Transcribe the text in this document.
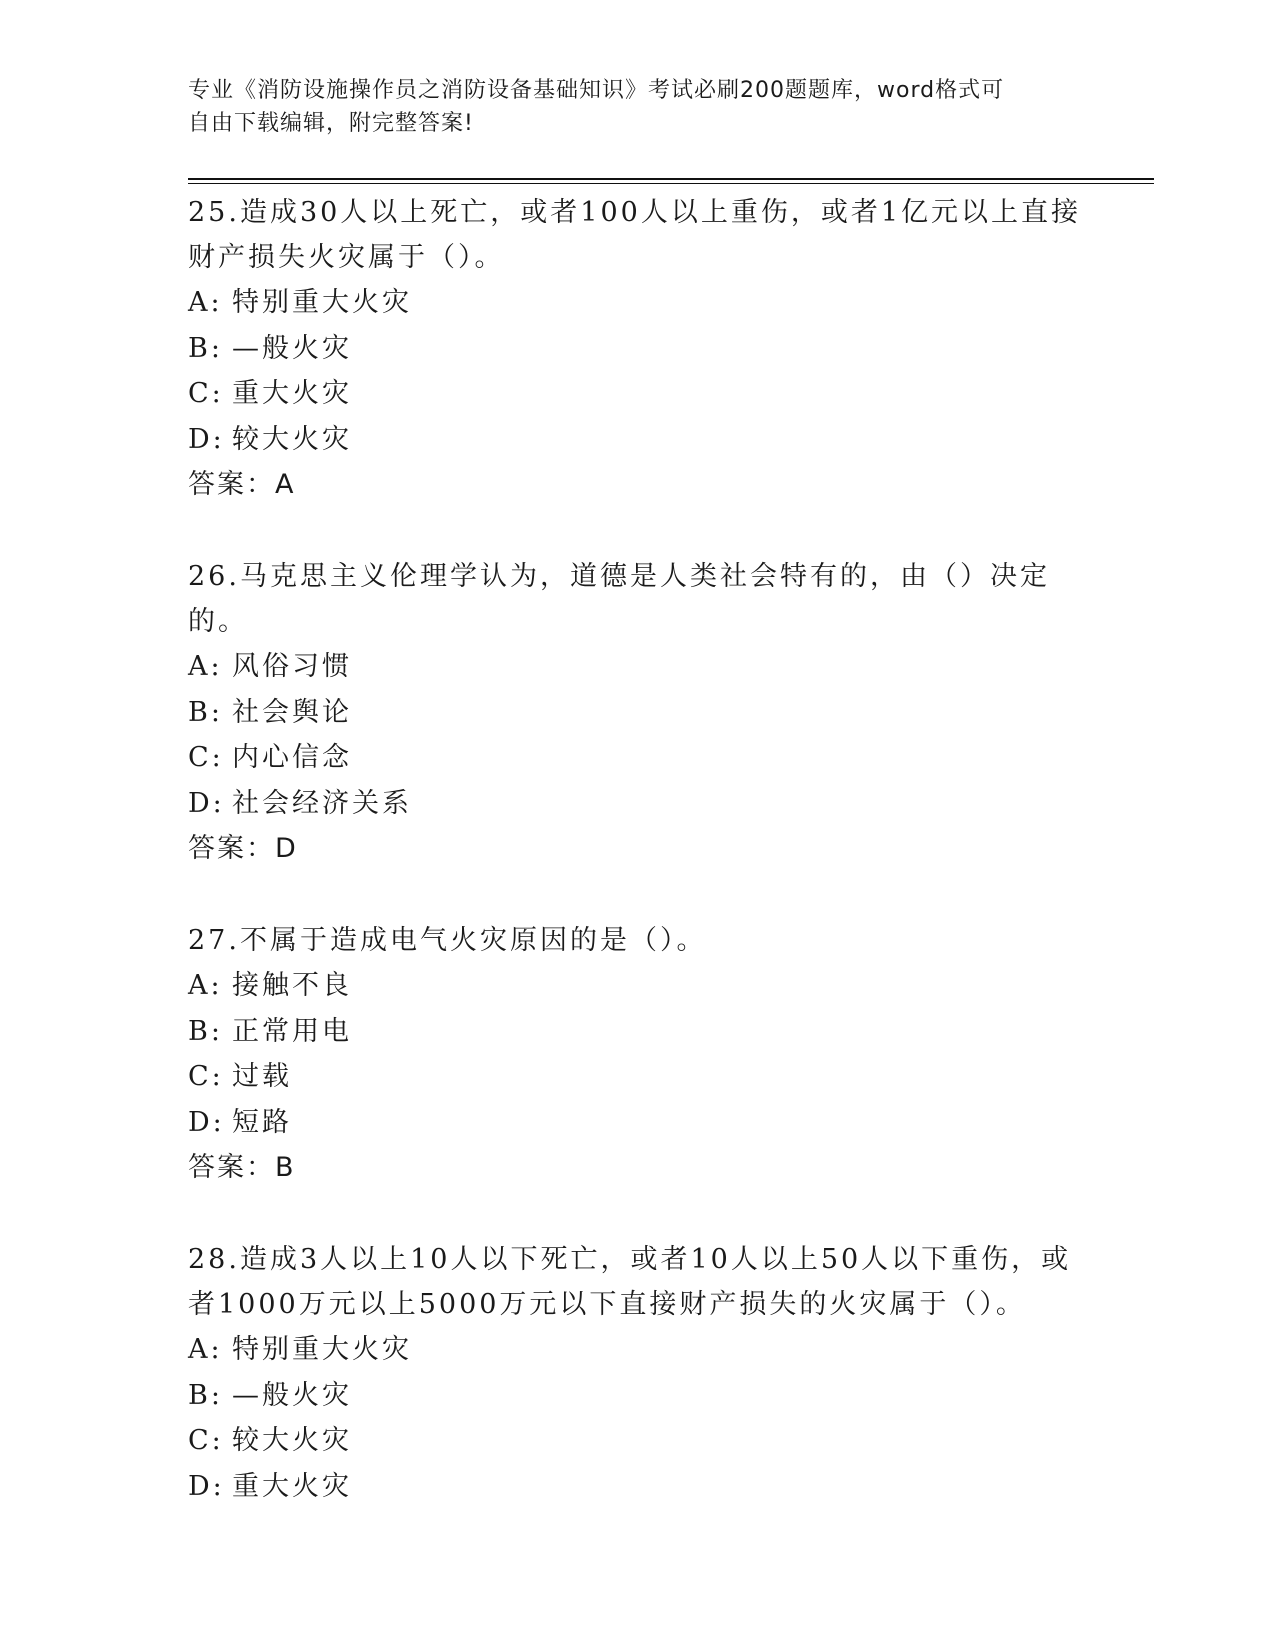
专业《消防设施操作员之消防设备基础知识》考试必刷200题题库，word格式可
自由下载编辑，附完整答案!

25.造成30人以上死亡，或者100人以上重伤，或者1亿元以上直接
财产损失火灾属于（）。

A: 特别重大火灾

B: —般火灾

C: 重大火灾

D: 较大火灾

答案：A

26.马克思主义伦理学认为，道德是人类社会特有的，由（）决定的。

A: 风俗习惯

B: 社会舆论

C: 内心信念

D: 社会经济关系

答案：D

27.不属于造成电气火灾原因的是（）。

A: 接触不良

B: 正常用电

C: 过载

D: 短路

答案：B

28.造成3人以上10人以下死亡，或者10人以上50人以下重伤，或
者1000万元以上5000万元以下直接财产损失的火灾属于（）。

A: 特别重大火灾

B: —般火灾

C: 较大火灾

D: 重大火灾
